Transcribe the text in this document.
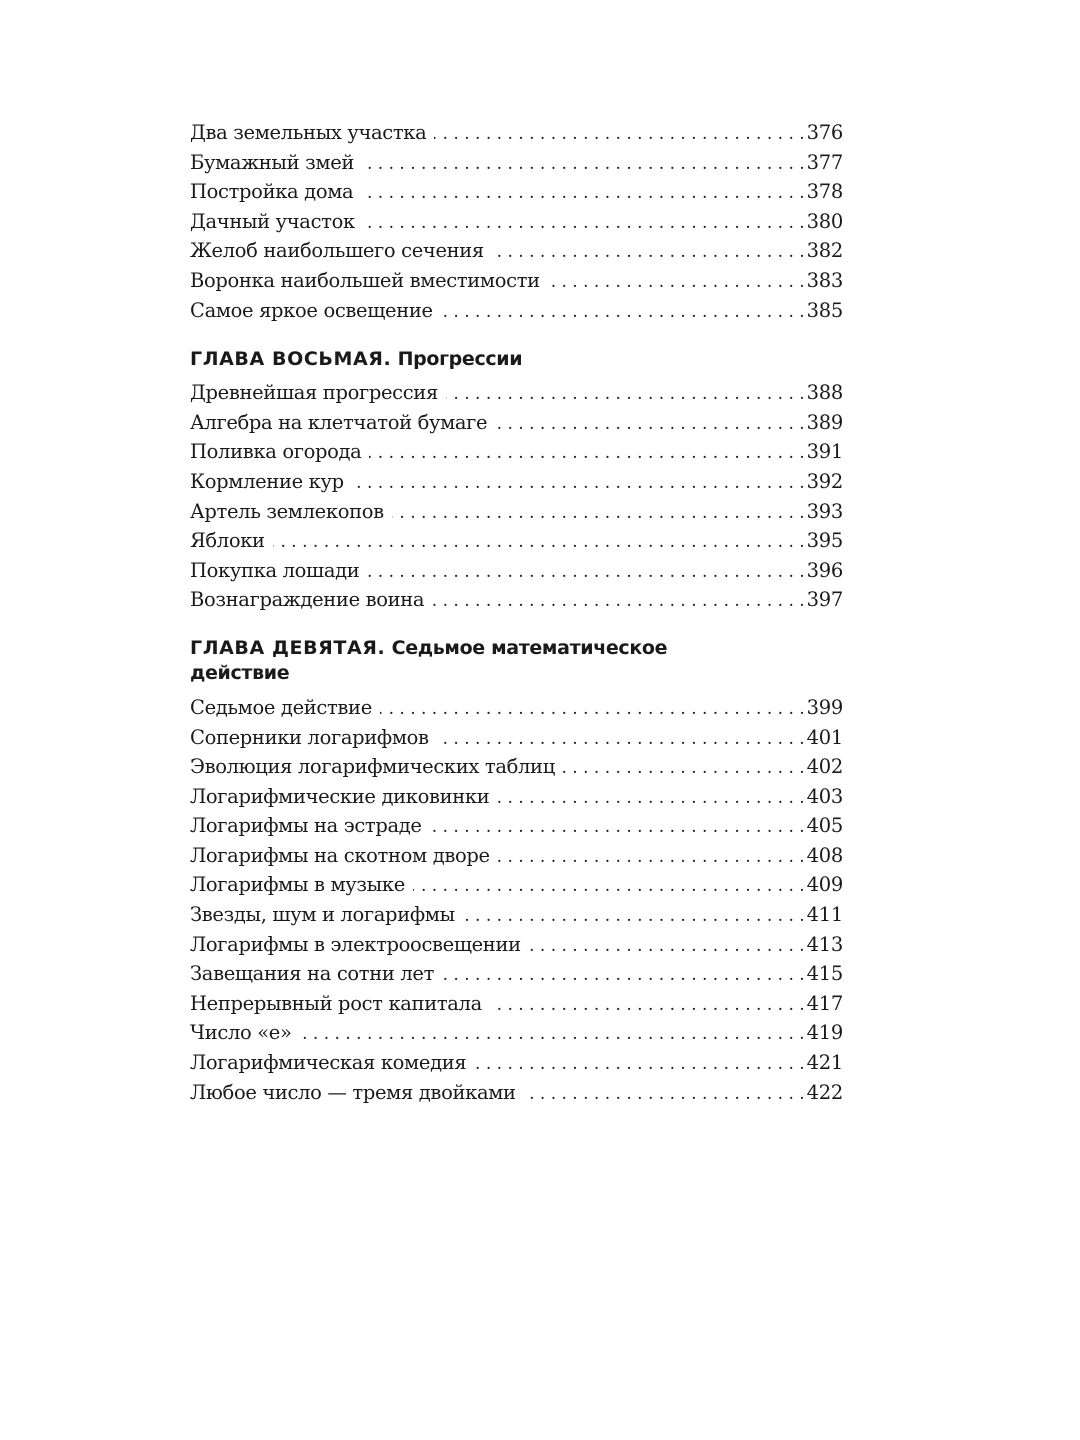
Два земельных участка . . .	376
Бумажный змей . . .	377
Постройка дома . . .	378
Дачный участок . . .	380
Желоб наибольшего сечения . . .	382
Воронка наибольшей вместимости . . .	383
Самое яркое освещение . . .	385
ГЛАВА ВОСЬМАЯ. Прогрессии
Древнейшая прогрессия . . .	388
Алгебра на клетчатой бумаге . . .	389
Поливка огорода . . .	391
Кормление кур . . .	392
Артель землекопов . . .	393
Яблоки . . .	395
Покупка лошади . . .	396
Вознаграждение воина . . .	397
ГЛАВА ДЕВЯТАЯ. Седьмое математическое действие
Седьмое действие . . .	399
Соперники логарифмов . . .	401
Эволюция логарифмических таблиц . . .	402
Логарифмические диковинки . . .	403
Логарифмы на эстраде . . .	405
Логарифмы на скотном дворе . . .	408
Логарифмы в музыке . . .	409
Звезды, шум и логарифмы . . .	411
Логарифмы в электроосвещении . . .	413
Завещания на сотни лет . . .	415
Непрерывный рост капитала . . .	417
Число «е» . . .	419
Логарифмическая комедия . . .	421
Любое число — тремя двойками . . .	422
